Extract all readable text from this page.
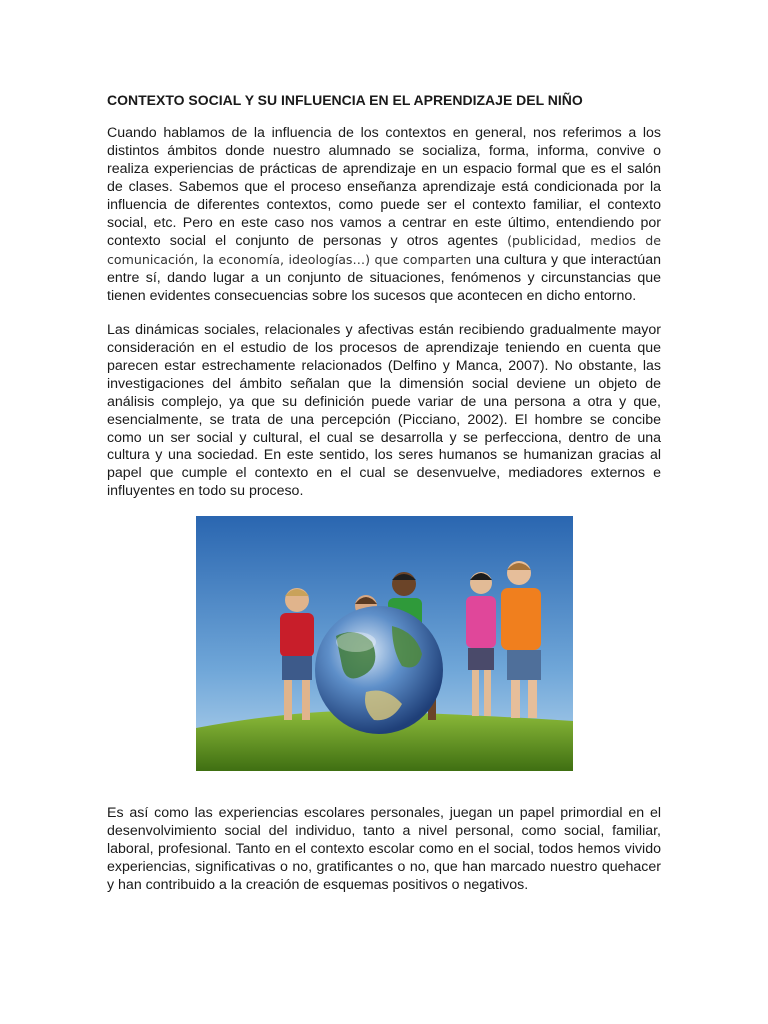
CONTEXTO SOCIAL Y SU INFLUENCIA EN EL APRENDIZAJE DEL NIÑO

Cuando hablamos de la influencia de los contextos en general, nos referimos a los distintos ámbitos donde nuestro alumnado se socializa, forma, informa, convive o realiza experiencias de prácticas de aprendizaje en un espacio formal que es el salón de clases. Sabemos que el proceso enseñanza aprendizaje está condicionada por la influencia de diferentes contextos, como puede ser el contexto familiar, el contexto social, etc. Pero en este caso nos vamos a centrar en este último, entendiendo por contexto social el conjunto de personas y otros agentes (publicidad, medios de comunicación, la economía, ideologías…) que comparten una cultura y que interactúan entre sí, dando lugar a un conjunto de situaciones, fenómenos y circunstancias que tienen evidentes consecuencias sobre los sucesos que acontecen en dicho entorno.

Las dinámicas sociales, relacionales y afectivas están recibiendo gradualmente mayor consideración en el estudio de los procesos de aprendizaje teniendo en cuenta que parecen estar estrechamente relacionados (Delfino y Manca, 2007). No obstante, las investigaciones del ámbito señalan que la dimensión social deviene un objeto de análisis complejo, ya que su definición puede variar de una persona a otra y que, esencialmente, se trata de una percepción (Picciano, 2002). El hombre se concibe como un ser social y cultural, el cual se desarrolla y se perfecciona, dentro de una cultura y una sociedad. En este sentido, los seres humanos se humanizan gracias al papel que cumple el contexto en el cual se desenvuelve, mediadores externos e influyentes en todo su proceso.

Es así como las experiencias escolares personales, juegan un papel primordial en el desenvolvimiento social del individuo, tanto a nivel personal, como social, familiar, laboral, profesional. Tanto en el contexto escolar como en el social, todos hemos vivido experiencias, significativas o no, gratificantes o no, que han marcado nuestro quehacer y han contribuido a la creación de esquemas positivos o negativos.
